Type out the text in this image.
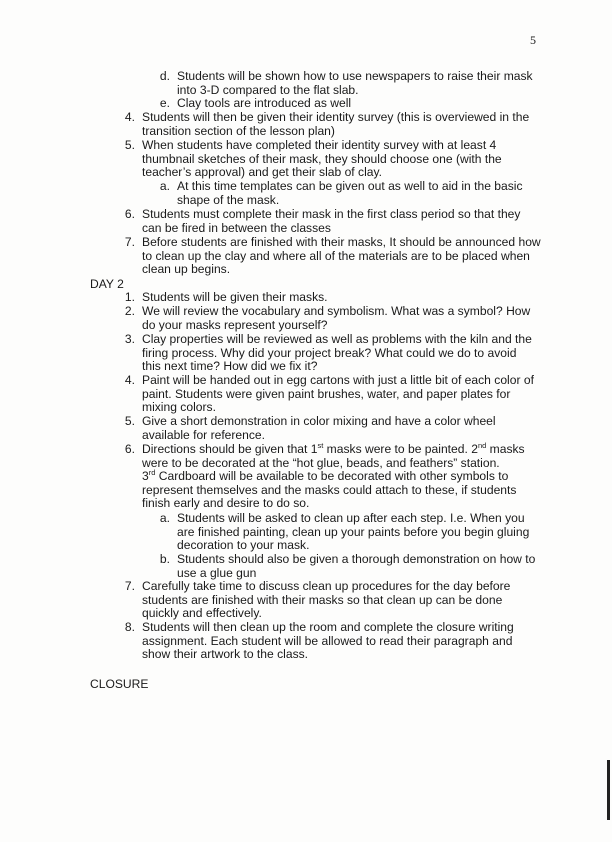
5
d. Students will be shown how to use newspapers to raise their mask
into 3-D compared to the flat slab.
e. Clay tools are introduced as well
4. Students will then be given their identity survey (this is overviewed in the
transition section of the lesson plan)
5. When students have completed their identity survey with at least 4
thumbnail sketches of their mask, they should choose one (with the
teacher’s approval) and get their slab of clay.
a. At this time templates can be given out as well to aid in the basic
shape of the mask.
6. Students must complete their mask in the first class period so that they
can be fired in between the classes
7. Before students are finished with their masks, It should be announced how
to clean up the clay and where all of the materials are to be placed when
clean up begins.
DAY 2
1. Students will be given their masks.
2. We will review the vocabulary and symbolism. What was a symbol? How
do your masks represent yourself?
3. Clay properties will be reviewed as well as problems with the kiln and the
firing process. Why did your project break? What could we do to avoid
this next time? How did we fix it?
4. Paint will be handed out in egg cartons with just a little bit of each color of
paint. Students were given paint brushes, water, and paper plates for
mixing colors.
5. Give a short demonstration in color mixing and have a color wheel
available for reference.
6. Directions should be given that 1st masks were to be painted. 2nd masks
were to be decorated at the “hot glue, beads, and feathers” station.
3rd Cardboard will be available to be decorated with other symbols to
represent themselves and the masks could attach to these, if students
finish early and desire to do so.
a. Students will be asked to clean up after each step. I.e. When you
are finished painting, clean up your paints before you begin gluing
decoration to your mask.
b. Students should also be given a thorough demonstration on how to
use a glue gun
7. Carefully take time to discuss clean up procedures for the day before
students are finished with their masks so that clean up can be done
quickly and effectively.
8. Students will then clean up the room and complete the closure writing
assignment. Each student will be allowed to read their paragraph and
show their artwork to the class.
CLOSURE
